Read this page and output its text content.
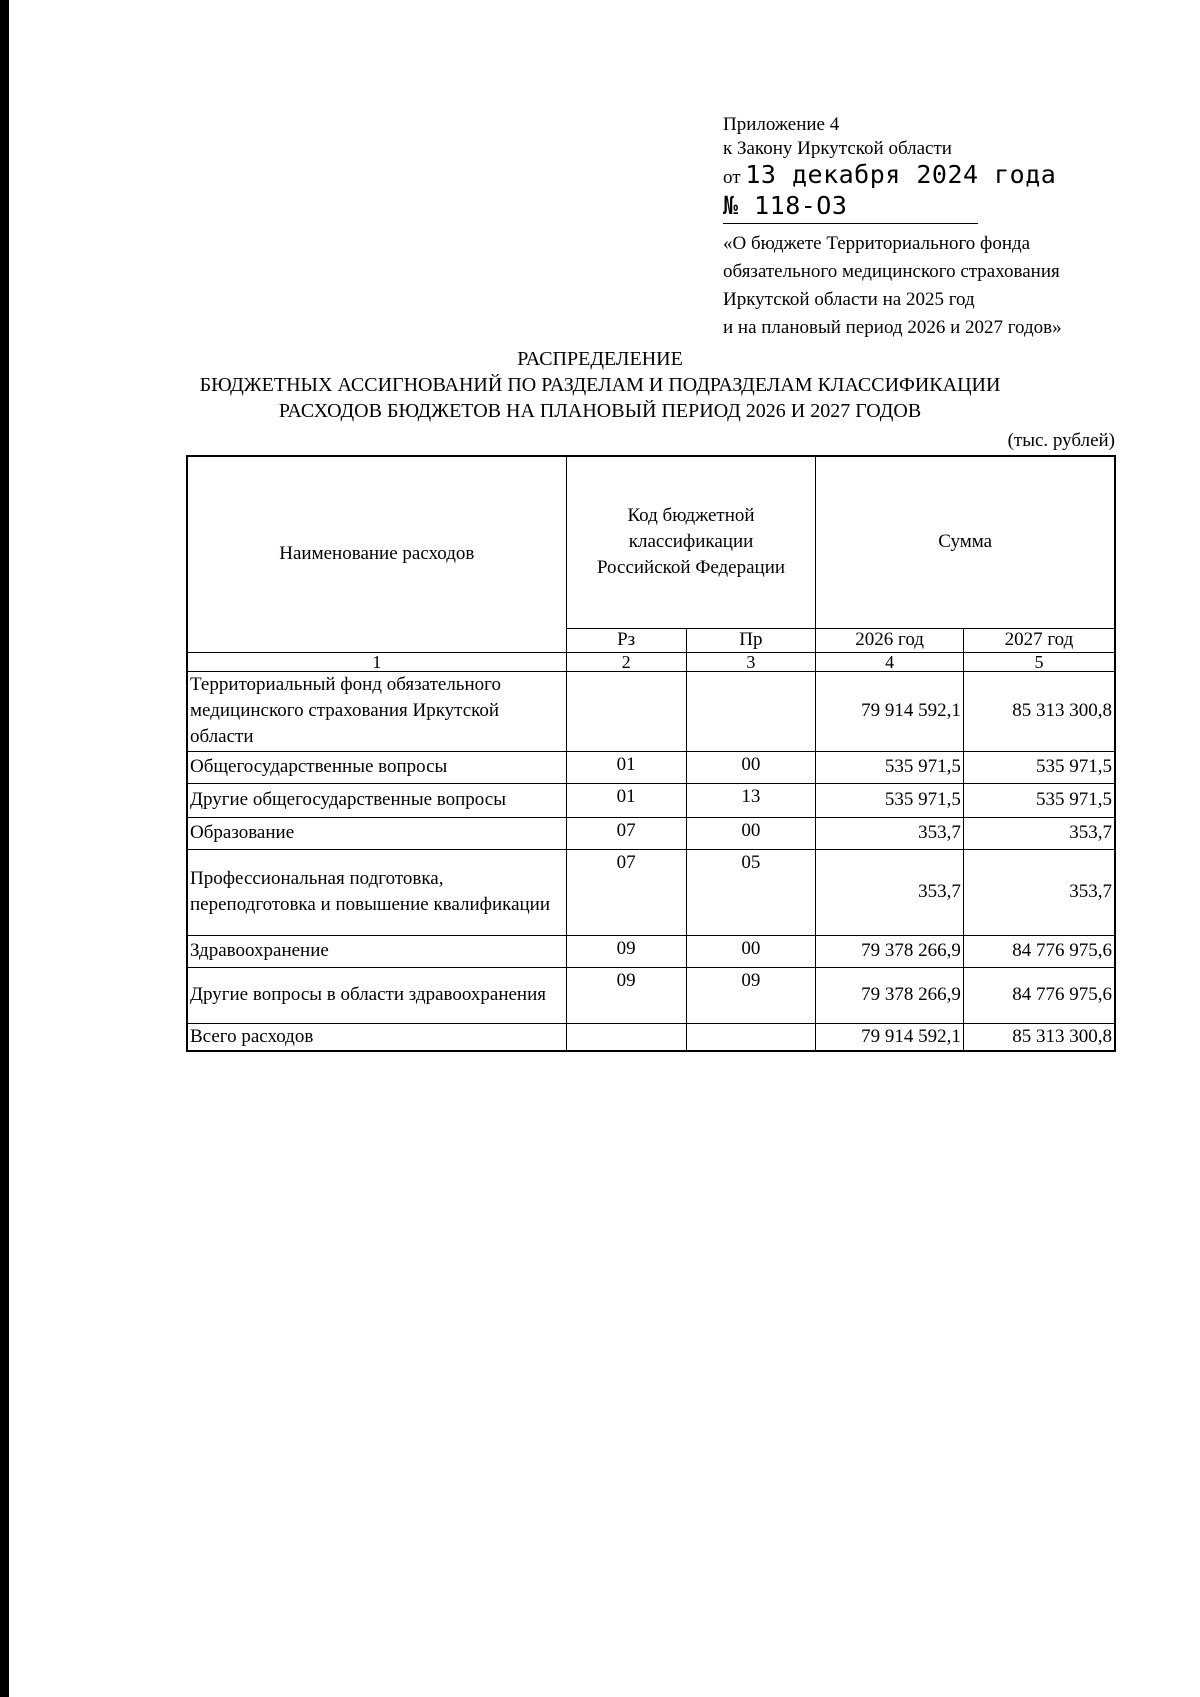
Приложение 4
к Закону Иркутской области
от 13 декабря 2024 года
№ 118-ОЗ
«О бюджете Территориального фонда
обязательного медицинского страхования
Иркутской области на 2025 год
и на плановый период 2026 и 2027 годов»
РАСПРЕДЕЛЕНИЕ
БЮДЖЕТНЫХ АССИГНОВАНИЙ ПО РАЗДЕЛАМ И ПОДРАЗДЕЛАМ КЛАССИФИКАЦИИ
РАСХОДОВ БЮДЖЕТОВ НА ПЛАНОВЫЙ ПЕРИОД 2026 И 2027 ГОДОВ
(тыс. рублей)
Наименование расходов	Код бюджетной классификации Российской Федерации		Сумма	
	Рз	Пр	2026 год	2027 год
1	2	3	4	5
Территориальный фонд обязательного медицинского страхования Иркутской области			79 914 592,1	85 313 300,8
Общегосударственные вопросы	01	00	535 971,5	535 971,5
Другие общегосударственные вопросы	01	13	535 971,5	535 971,5
Образование	07	00	353,7	353,7
Профессиональная подготовка, переподготовка и повышение квалификации	07	05	353,7	353,7
Здравоохранение	09	00	79 378 266,9	84 776 975,6
Другие вопросы в области здравоохранения	09	09	79 378 266,9	84 776 975,6
Всего расходов			79 914 592,1	85 313 300,8
